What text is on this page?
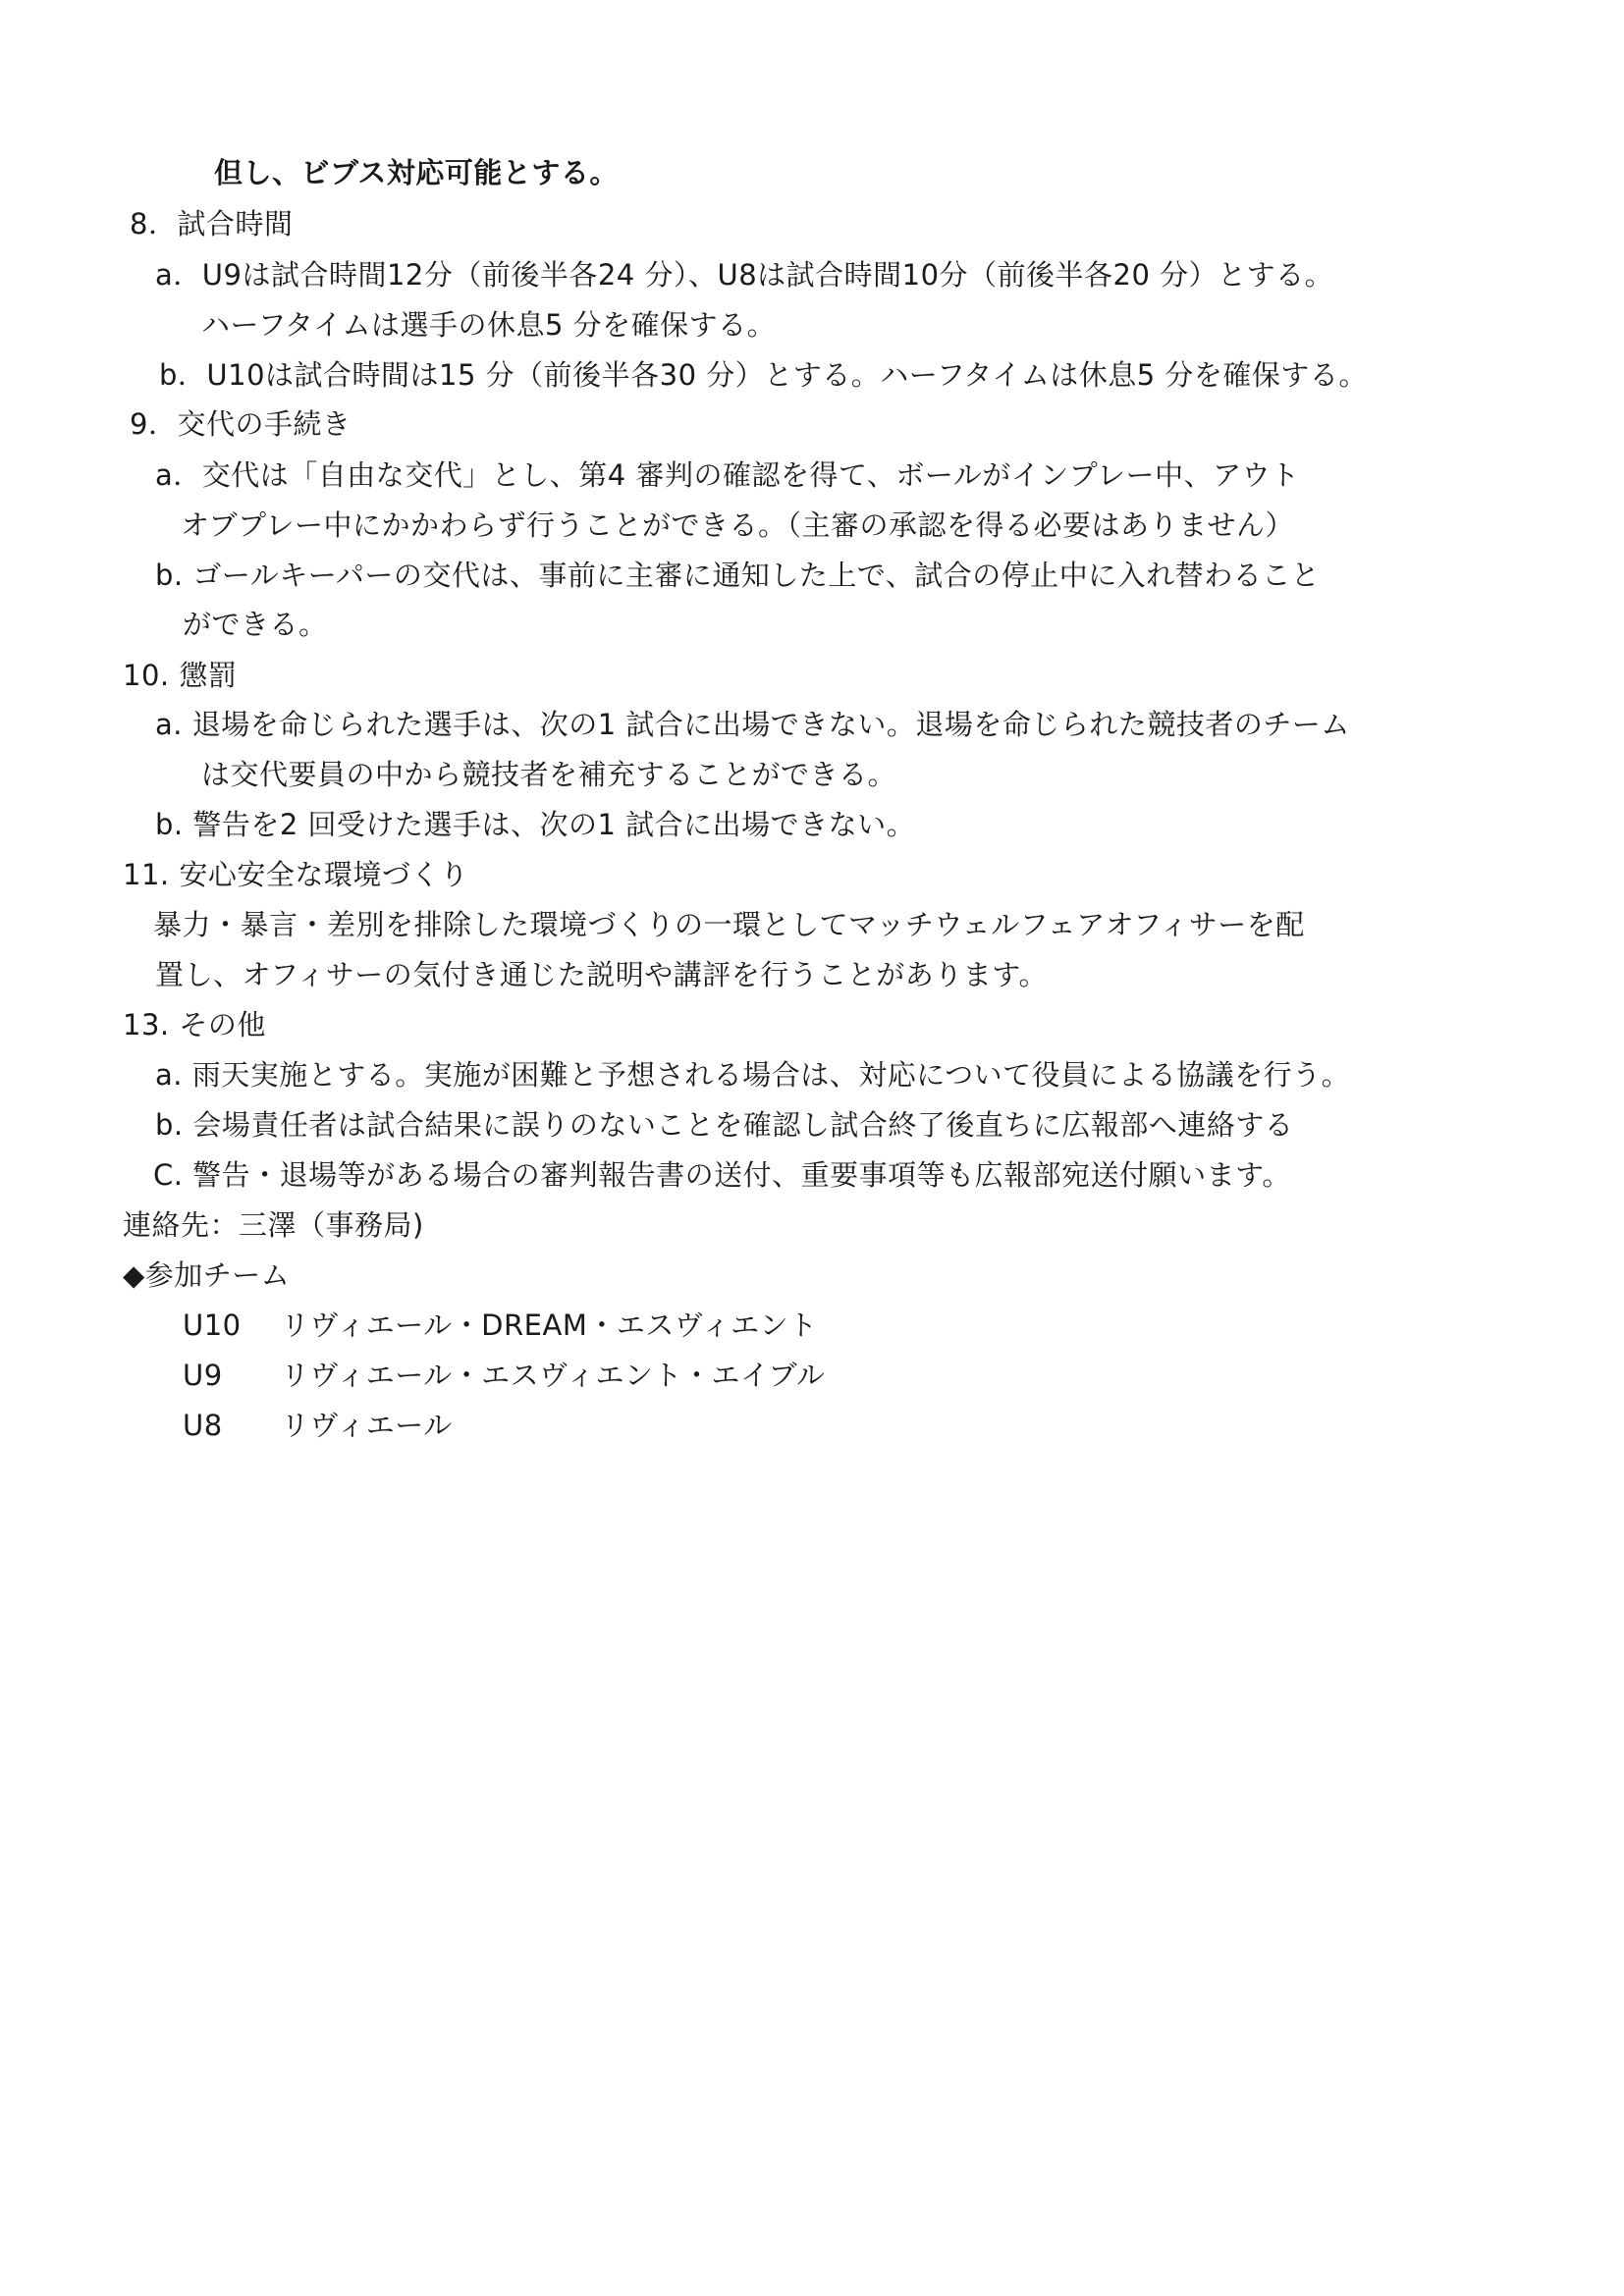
但し、ビブス対応可能とする。
8．試合時間
a．U9は試合時間12分（前後半各24 分）、U8は試合時間10分（前後半各20 分）とする。
ハーフタイムは選手の休息5 分を確保する。
b．U10は試合時間は15 分（前後半各30 分）とする。ハーフタイムは休息5 分を確保する。
9．交代の手続き
a．交代は「自由な交代」とし、第4 審判の確認を得て、ボールがインプレー中、アウト
オブプレー中にかかわらず行うことができる。（主審の承認を得る必要はありません）
b. ゴールキーパーの交代は、事前に主審に通知した上で、試合の停止中に入れ替わること
ができる。
10. 懲罰
a. 退場を命じられた選手は、次の1 試合に出場できない。退場を命じられた競技者のチーム
は交代要員の中から競技者を補充することができる。
b. 警告を2 回受けた選手は、次の1 試合に出場できない。
11. 安心安全な環境づくり
暴力・暴言・差別を排除した環境づくりの一環としてマッチウェルフェアオフィサーを配
置し、オフィサーの気付き通じた説明や講評を行うことがあります。
13. その他
a. 雨天実施とする。実施が困難と予想される場合は、対応について役員による協議を行う。
b. 会場責任者は試合結果に誤りのないことを確認し試合終了後直ちに広報部へ連絡する
C. 警告・退場等がある場合の審判報告書の送付、重要事項等も広報部宛送付願います。
連絡先：三澤（事務局)
◆参加チーム
U10 リヴィエール・DREAM・エスヴィエント
U9 リヴィエール・エスヴィエント・エイブル
U8 リヴィエール
